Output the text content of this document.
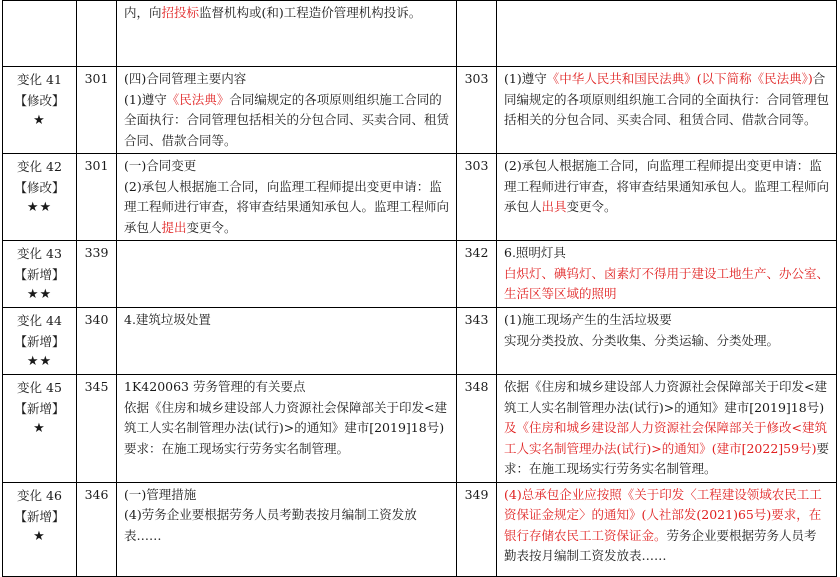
		内，向招投标监督机构或(和)工程造价管理机构投诉。		

变化 41
【修改】
★	301	(四)合同管理主要内容
(1)遵守《民法典》合同编规定的各项原则组织施工合同的全面执行：合同管理包括相关的分包合同、买卖合同、租赁合同、借款合同等。	303	(1)遵守《中华人民共和国民法典》(以下简称《民法典》)合同编规定的各项原则组织施工合同的全面执行：合同管理包括相关的分包合同、买卖合同、租赁合同、借款合同等。

变化 42
【修改】
★★	301	(一)合同变更
(2)承包人根据施工合同，向监理工程师提出变更申请：监理工程师进行审查，将审查结果通知承包人。监理工程师向承包人提出变更令。	303	(2)承包人根据施工合同，向监理工程师提出变更申请：监理工程师进行审查，将审查结果通知承包人。监理工程师向承包人出具变更令。

变化 43
【新增】
★★	339		342	6.照明灯具
白炽灯、碘钨灯、卤素灯不得用于建设工地生产、办公室、生活区等区域的照明

变化 44
【新增】
★★	340	4.建筑垃圾处置	343	(1)施工现场产生的生活垃圾要
实现分类投放、分类收集、分类运输、分类处理。

变化 45
【新增】
★	345	1K420063 劳务管理的有关要点
依据《住房和城乡建设部人力资源社会保障部关于印发<建筑工人实名制管理办法(试行)>的通知》建市[2019]18号)要求：在施工现场实行劳务实名制管理。	348	依据《住房和城乡建设部人力资源社会保障部关于印发<建筑工人实名制管理办法(试行)>的通知》建市[2019]18号)及《住房和城乡建设部人力资源社会保障部关于修改<建筑工人实名制管理办法(试行)>的通知》(建市[2022]59号)要求：在施工现场实行劳务实名制管理。

变化 46
【新增】
★	346	(一)管理措施
(4)劳务企业要根据劳务人员考勤表按月编制工资发放表……	349	(4)总承包企业应按照《关于印发〈工程建设领域农民工工资保证金规定〉的通知》(人社部发(2021)65号)要求，在银行存储农民工工资保证金。劳务企业要根据劳务人员考勤表按月编制工资发放表……
